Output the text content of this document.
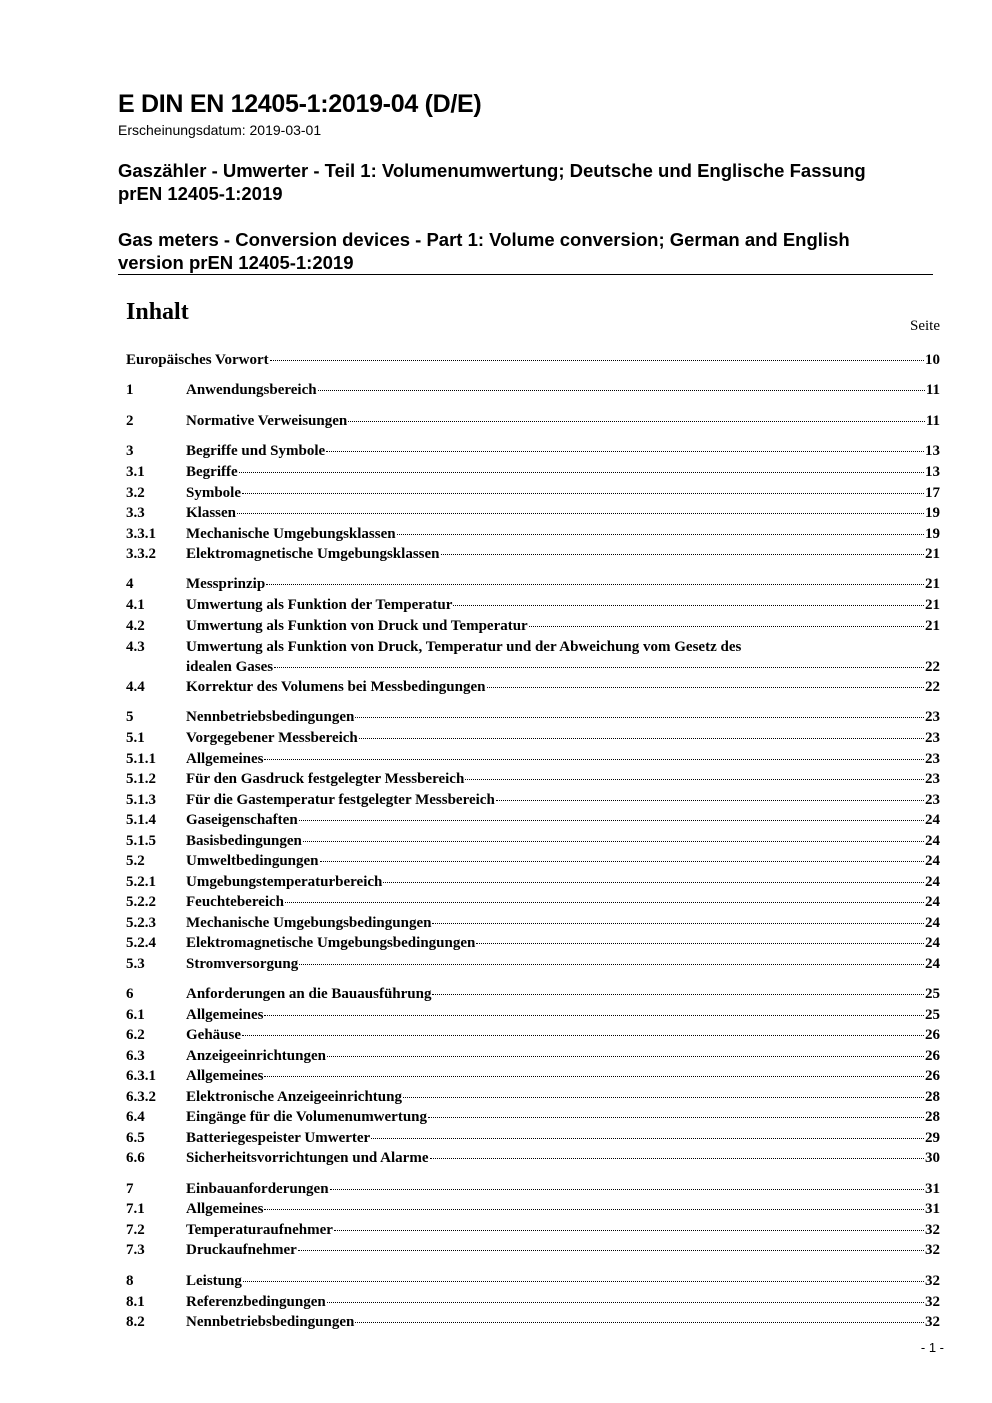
E DIN EN 12405-1:2019-04 (D/E)
Erscheinungsdatum: 2019-03-01
Gaszähler - Umwerter - Teil 1: Volumenumwertung; Deutsche und Englische Fassung
prEN 12405-1:2019
Gas meters - Conversion devices - Part 1: Volume conversion; German and English
version prEN 12405-1:2019
Inhalt
Seite
Europäisches Vorwort	10
1	Anwendungsbereich	11
2	Normative Verweisungen	11
3	Begriffe und Symbole	13
3.1	Begriffe	13
3.2	Symbole	17
3.3	Klassen	19
3.3.1 Mechanische Umgebungsklassen	19
3.3.2 Elektromagnetische Umgebungsklassen	21
4	Messprinzip	21
4.1	Umwertung als Funktion der Temperatur	21
4.2	Umwertung als Funktion von Druck und Temperatur	21
4.3	Umwertung als Funktion von Druck, Temperatur und der Abweichung vom Gesetz des
idealen Gases	22
4.4	Korrektur des Volumens bei Messbedingungen	22
5	Nennbetriebsbedingungen	23
5.1	Vorgegebener Messbereich	23
5.1.1 Allgemeines	23
5.1.2 Für den Gasdruck festgelegter Messbereich	23
5.1.3 Für die Gastemperatur festgelegter Messbereich	23
5.1.4 Gaseigenschaften	24
5.1.5 Basisbedingungen	24
5.2	Umweltbedingungen	24
5.2.1 Umgebungstemperaturbereich	24
5.2.2 Feuchtebereich	24
5.2.3 Mechanische Umgebungsbedingungen	24
5.2.4 Elektromagnetische Umgebungsbedingungen	24
5.3	Stromversorgung	24
6	Anforderungen an die Bauausführung	25
6.1	Allgemeines	25
6.2	Gehäuse	26
6.3	Anzeigeeinrichtungen	26
6.3.1 Allgemeines	26
6.3.2 Elektronische Anzeigeeinrichtung	28
6.4	Eingänge für die Volumenumwertung	28
6.5	Batteriegespeister Umwerter	29
6.6	Sicherheitsvorrichtungen und Alarme	30
7	Einbauanforderungen	31
7.1	Allgemeines	31
7.2	Temperaturaufnehmer	32
7.3	Druckaufnehmer	32
8	Leistung	32
8.1	Referenzbedingungen	32
8.2	Nennbetriebsbedingungen	32
- 1 -
